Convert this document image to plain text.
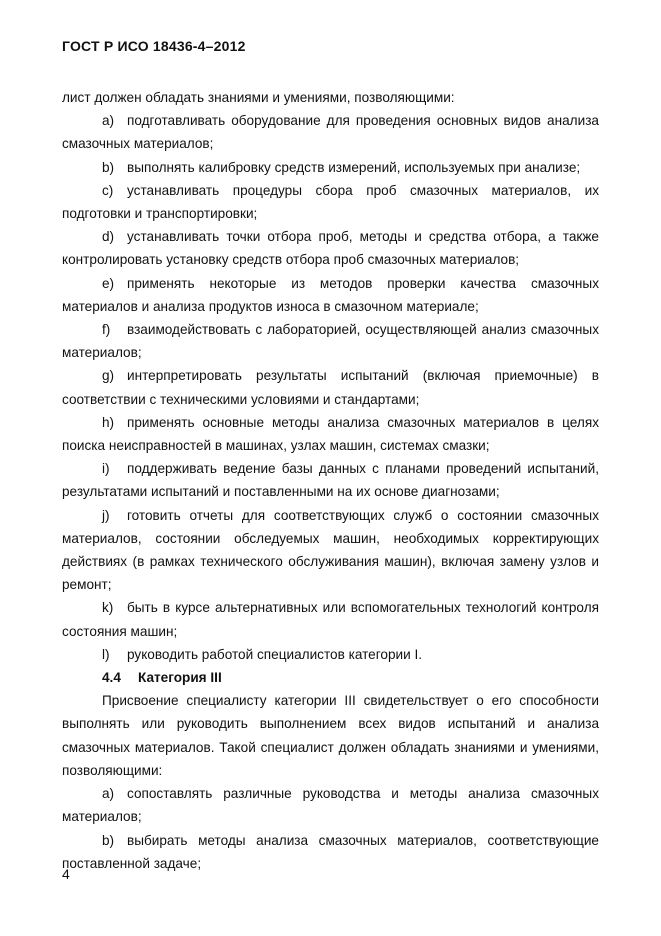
ГОСТ Р ИСО 18436-4–2012

лист должен обладать знаниями и умениями, позволяющими:

a) подготавливать оборудование для проведения основных видов анализа смазочных материалов;

b) выполнять калибровку средств измерений, используемых при анализе;

c) устанавливать процедуры сбора проб смазочных материалов, их подготовки и транспортировки;

d) устанавливать точки отбора проб, методы и средства отбора, а также контролировать установку средств отбора проб смазочных материалов;

e) применять некоторые из методов проверки качества смазочных материалов и анализа продуктов износа в смазочном материале;

f) взаимодействовать с лабораторией, осуществляющей анализ смазочных материалов;

g) интерпретировать результаты испытаний (включая приемочные) в соответствии с техническими условиями и стандартами;

h) применять основные методы анализа смазочных материалов в целях поиска неисправностей в машинах, узлах машин, системах смазки;

i) поддерживать ведение базы данных с планами проведений испытаний, результатами испытаний и поставленными на их основе диагнозами;

j) готовить отчеты для соответствующих служб о состоянии смазочных материалов, состоянии обследуемых машин, необходимых корректирующих действиях (в рамках технического обслуживания машин), включая замену узлов и ремонт;

k) быть в курсе альтернативных или вспомогательных технологий контроля состояния машин;

l) руководить работой специалистов категории I.

4.4 Категория III

Присвоение специалисту категории III свидетельствует о его способности выполнять или руководить выполнением всех видов испытаний и анализа смазочных материалов. Такой специалист должен обладать знаниями и умениями, позволяющими:

a) сопоставлять различные руководства и методы анализа смазочных материалов;

b) выбирать методы анализа смазочных материалов, соответствующие поставленной задаче;

4
